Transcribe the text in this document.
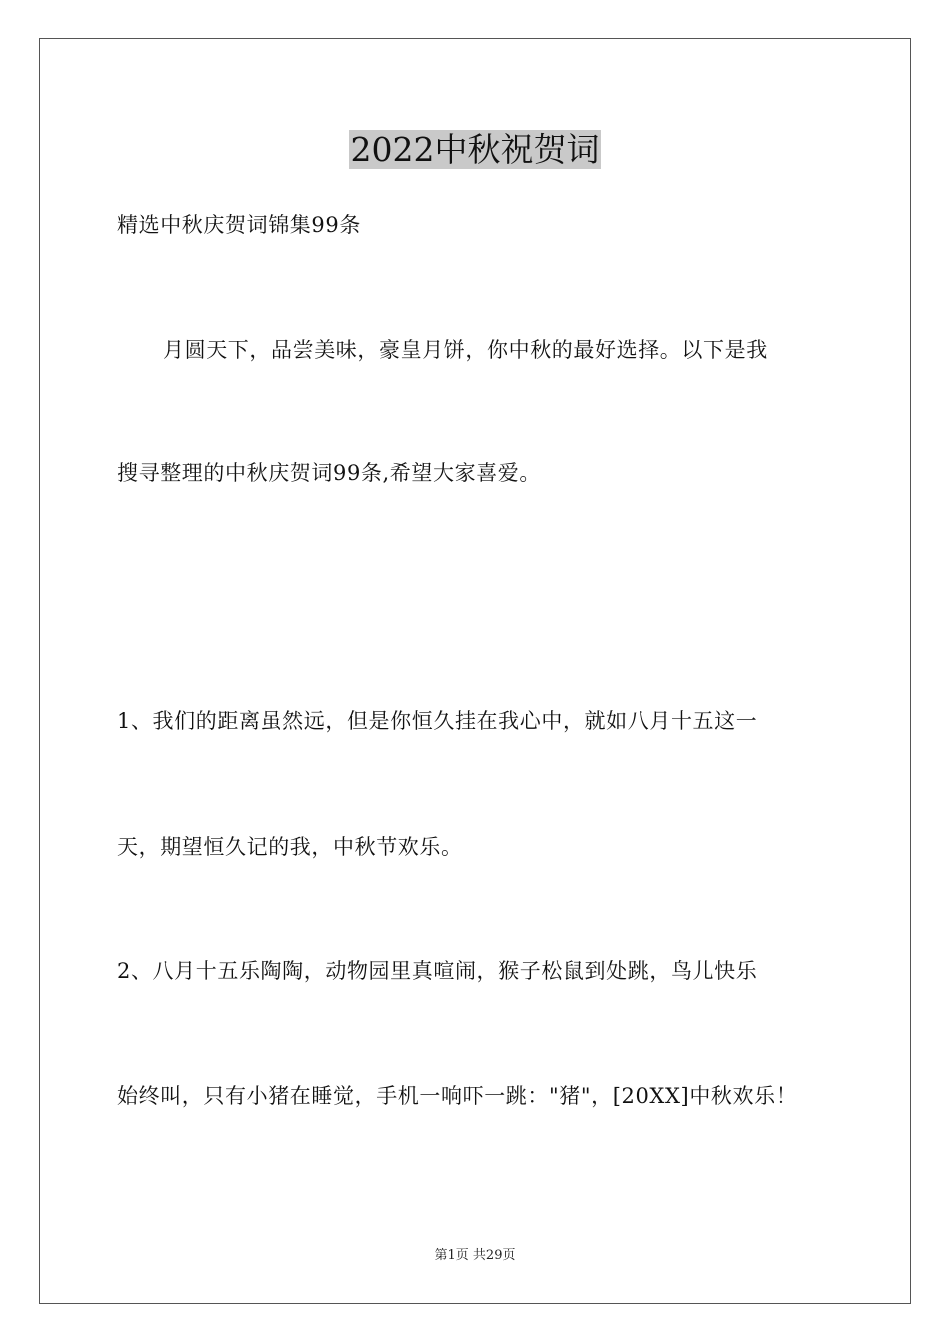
2022中秋祝贺词
精选中秋庆贺词锦集99条
月圆天下，品尝美味，豪皇月饼，你中秋的最好选择。以下是我
搜寻整理的中秋庆贺词99条,希望大家喜爱。
1、我们的距离虽然远，但是你恒久挂在我心中，就如八月十五这一
天，期望恒久记的我，中秋节欢乐。
2、八月十五乐陶陶，动物园里真喧闹，猴子松鼠到处跳，鸟儿快乐
始终叫，只有小猪在睡觉，手机一响吓一跳："猪"，[20XX]中秋欢乐！
第1页 共29页
